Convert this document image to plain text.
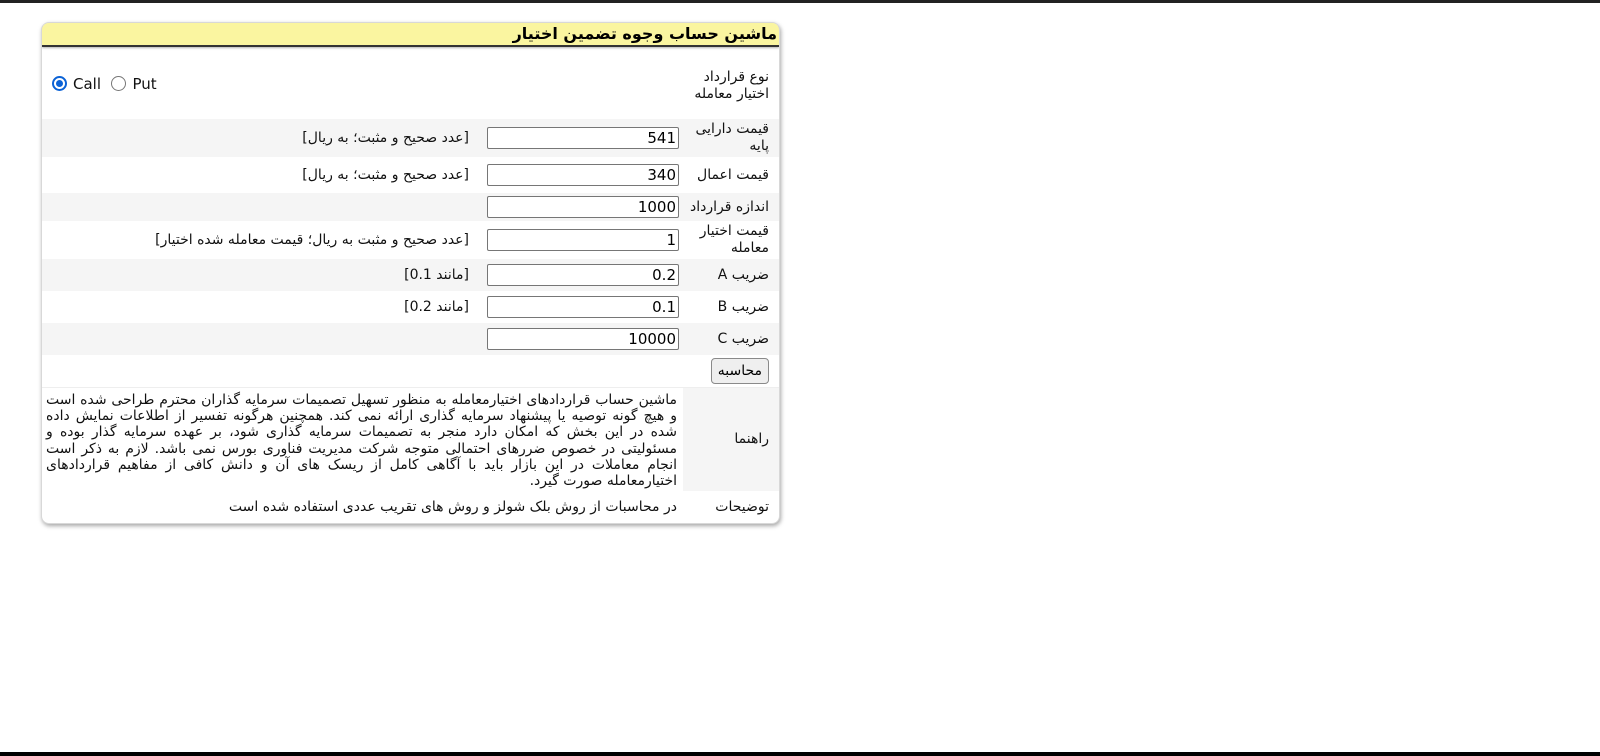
ماشین حساب وجوه تضمین اختیار
نوع قرارداد اختیار معامله	Call
Put	

قیمت دارایی پایه	541	[عدد صحیح و مثبت؛ به ریال]
قیمت اعمال	340	[عدد صحیح و مثبت؛ به ریال]
اندازه قرارداد	1000	
قیمت اختیار معامله	1	[عدد صحیح و مثبت به ریال؛ قیمت معامله شده اختیار]
ضریب A	0.2	[مانند 0.1]
ضریب B	0.1	[مانند 0.2]
ضریب C	10000	
محاسبه		
راهنما	ماشین حساب قراردادهای اختیارمعامله به منظور تسهیل تصمیمات سرمایه گذاران محترم طراحی شده است و هیچ گونه توصیه یا پیشنهاد سرمایه گذاری ارائه نمی کند. همچنین هرگونه تفسیر از اطلاعات نمایش داده شده در این بخش که امکان دارد منجر به تصمیمات سرمایه گذاری شود، بر عهده سرمایه گذار بوده و مسئولیتی در خصوص ضررهای احتمالی متوجه شرکت مدیریت فناوری بورس نمی باشد. لازم به ذکر است انجام معاملات در این بازار باید با آگاهی کامل از ریسک های آن و دانش کافی از مفاهیم قراردادهای اختیارمعامله صورت گیرد.	
توضیحات	در محاسبات از روش بلک شولز و روش های تقریب عددی استفاده شده است	
